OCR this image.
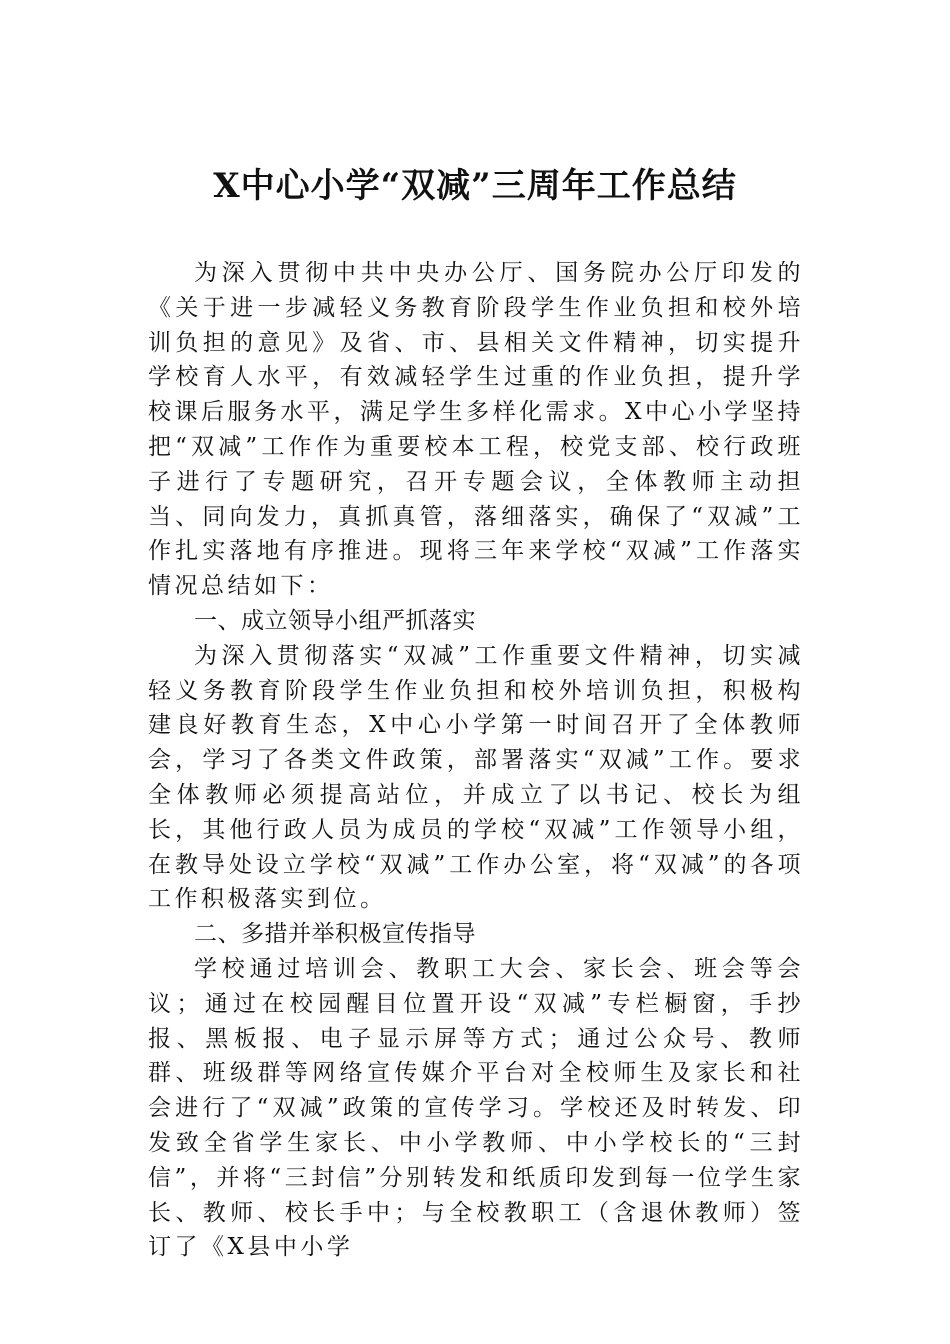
X中心小学“双减”三周年工作总结

为深入贯彻中共中央办公厅、国务院办公厅印发的《关于进一步减轻义务教育阶段学生作业负担和校外培训负担的意见》及省、市、县相关文件精神，切实提升学校育人水平，有效减轻学生过重的作业负担，提升学校课后服务水平，满足学生多样化需求。X中心小学坚持把“双减”工作作为重要校本工程，校党支部、校行政班子进行了专题研究，召开专题会议，全体教师主动担当、同向发力，真抓真管，落细落实，确保了“双减”工作扎实落地有序推进。现将三年来学校“双减”工作落实情况总结如下：

一、成立领导小组严抓落实

为深入贯彻落实“双减”工作重要文件精神，切实减轻义务教育阶段学生作业负担和校外培训负担，积极构建良好教育生态，X中心小学第一时间召开了全体教师会，学习了各类文件政策，部署落实“双减”工作。要求全体教师必须提高站位，并成立了以书记、校长为组长，其他行政人员为成员的学校“双减”工作领导小组，在教导处设立学校“双减”工作办公室，将“双减”的各项工作积极落实到位。

二、多措并举积极宣传指导

学校通过培训会、教职工大会、家长会、班会等会议；通过在校园醒目位置开设“双减”专栏橱窗，手抄报、黑板报、电子显示屏等方式；通过公众号、教师群、班级群等网络宣传媒介平台对全校师生及家长和社会进行了“双减”政策的宣传学习。学校还及时转发、印发致全省学生家长、中小学教师、中小学校长的“三封信”，并将“三封信”分别转发和纸质印发到每一位学生家长、教师、校长手中；与全校教职工（含退休教师）签订了《X县中小学
